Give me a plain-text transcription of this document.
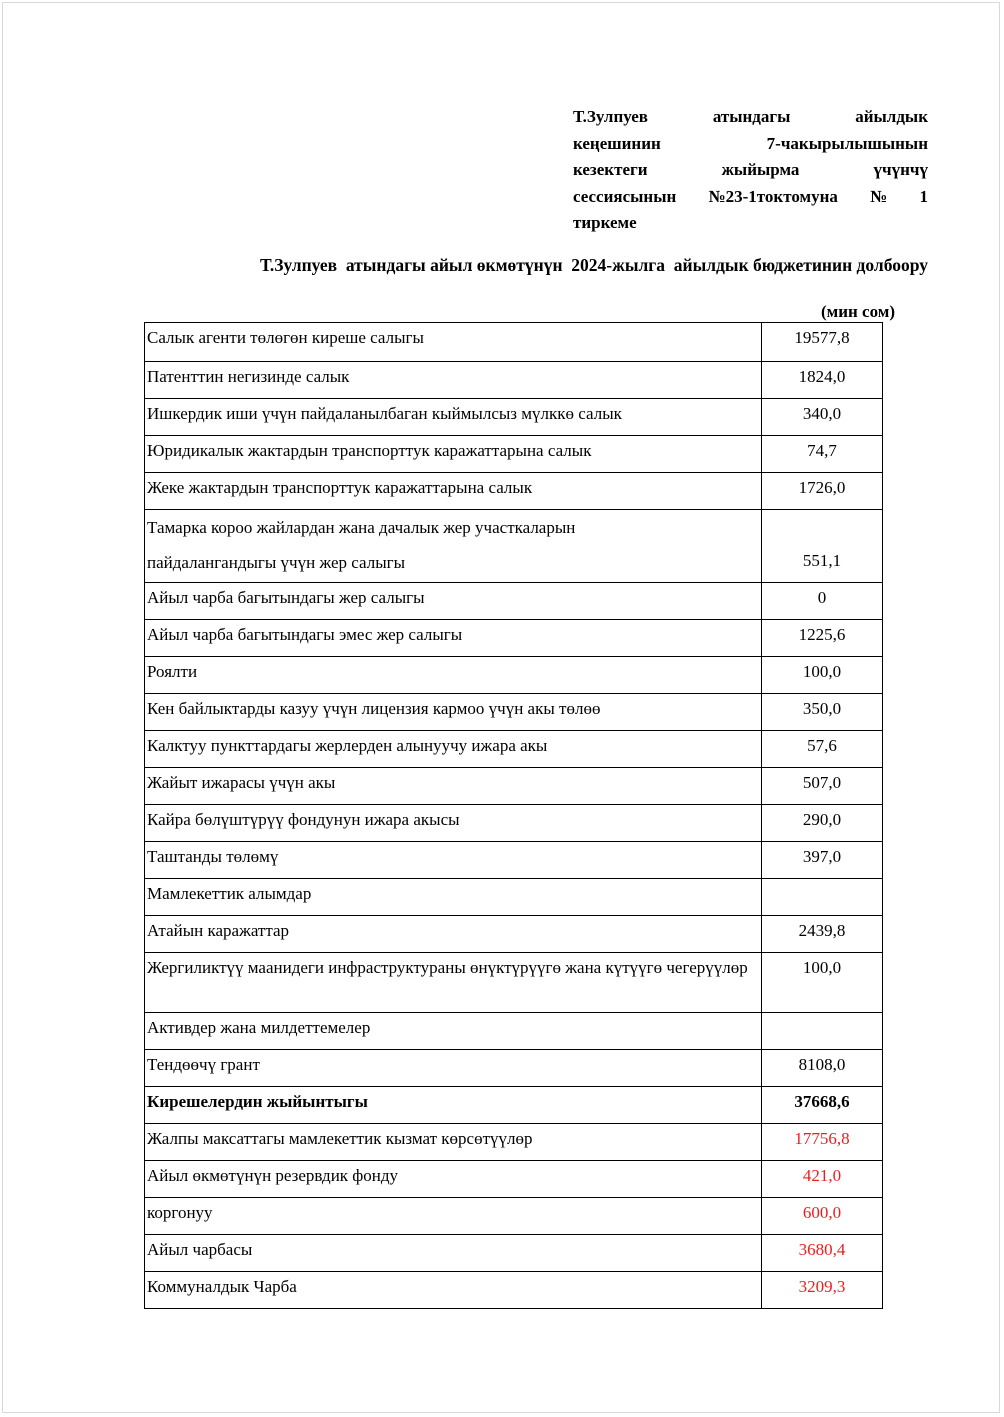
Т.Зулпуев	атындагы	айылдык
кеңешинин	7-чакырылышынын
кезектеги	жыйырма	үчүнчү
сессиясынын №23-1токтомуна № 1
тиркеме
Т.Зулпуев  атындагы айыл өкмөтүнүн  2024-жылга  айылдык бюджетинин долбоору
(мин сом)
Салык агенти төлөгөн киреше салыгы	19577,8
Патенттин негизинде салык	1824,0
Ишкердик иши үчүн пайдаланылбаган кыймылсыз мүлккө салык	340,0
Юридикалык жактардын транспорттук каражаттарына салык	74,7
Жеке жактардын транспорттук каражаттарына салык	1726,0

Тамарка короо жайлардан жана дачалык жер участкаларын
пайдалангандыгы үчүн жер салыгы	551,1
Айыл чарба багытындагы жер салыгы	0
Айыл чарба багытындагы эмес жер салыгы	1225,6
Роялти	100,0
Кен байлыктарды казуу үчүн лицензия кармоо үчүн акы төлөө	350,0
Калктуу пункттардагы жерлерден алынуучу ижара акы	57,6
Жайыт ижарасы үчүн акы	507,0
Кайра бөлүштүрүү фондунун ижара акысы	290,0
Таштанды төлөмү	397,0
Мамлекеттик алымдар	
Атайын каражаттар	2439,8
Жергиликтүү маанидеги инфраструктураны өнүктүрүүгө жана күтүүгө чегерүүлөр	100,0
Активдер жана милдеттемелер	
Тендөөчү грант	8108,0
Кирешелердин жыйынтыгы	37668,6
Жалпы максаттагы мамлекеттик кызмат көрсөтүүлөр	17756,8
Айыл өкмөтүнүн резервдик фонду	421,0
коргонуу	600,0
Айыл чарбасы	3680,4
Коммуналдык Чарба	3209,3
